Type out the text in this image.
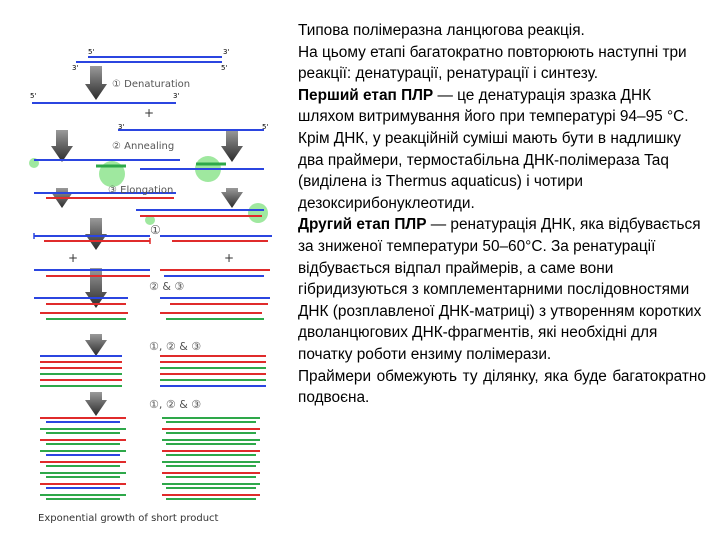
5'	3'
3'	5'
5'	3'
3'	5'
+
+	+
① Denaturation
② Annealing
③ Elongation
①
② & ③
①, ② & ③
①, ② & ③
Exponential growth of short product

Типова полімеразна ланцюгова реакція.

На цьому етапі багатократно повторюють наступні три реакції: денатурації, ренатурації і синтезу.

Перший етап ПЛР — це денатурація зразка ДНК шляхом витримування його при температурі 94–95 °С. Крім ДНК, у реакційній суміші мають бути в надлишку два праймери, термостабільна ДНК-полімераза Taq (виділена із Thermus aquaticus) і чотири дезоксирибонуклеотиди.

Другий етап ПЛР — ренатурація ДНК, яка відбувається за зниженої температури 50–60°С. За ренатурації відбувається відпал праймерів, а саме вони гібридизуються з комплементарними послідовностями ДНК (розплавленої ДНК-матриці) з утворенням коротких дволанцюгових ДНК-фрагментів, які необхідні для початку роботи ензиму полімерази.

Праймери обмежують ту ділянку, яка буде багатократно подвоєна.
